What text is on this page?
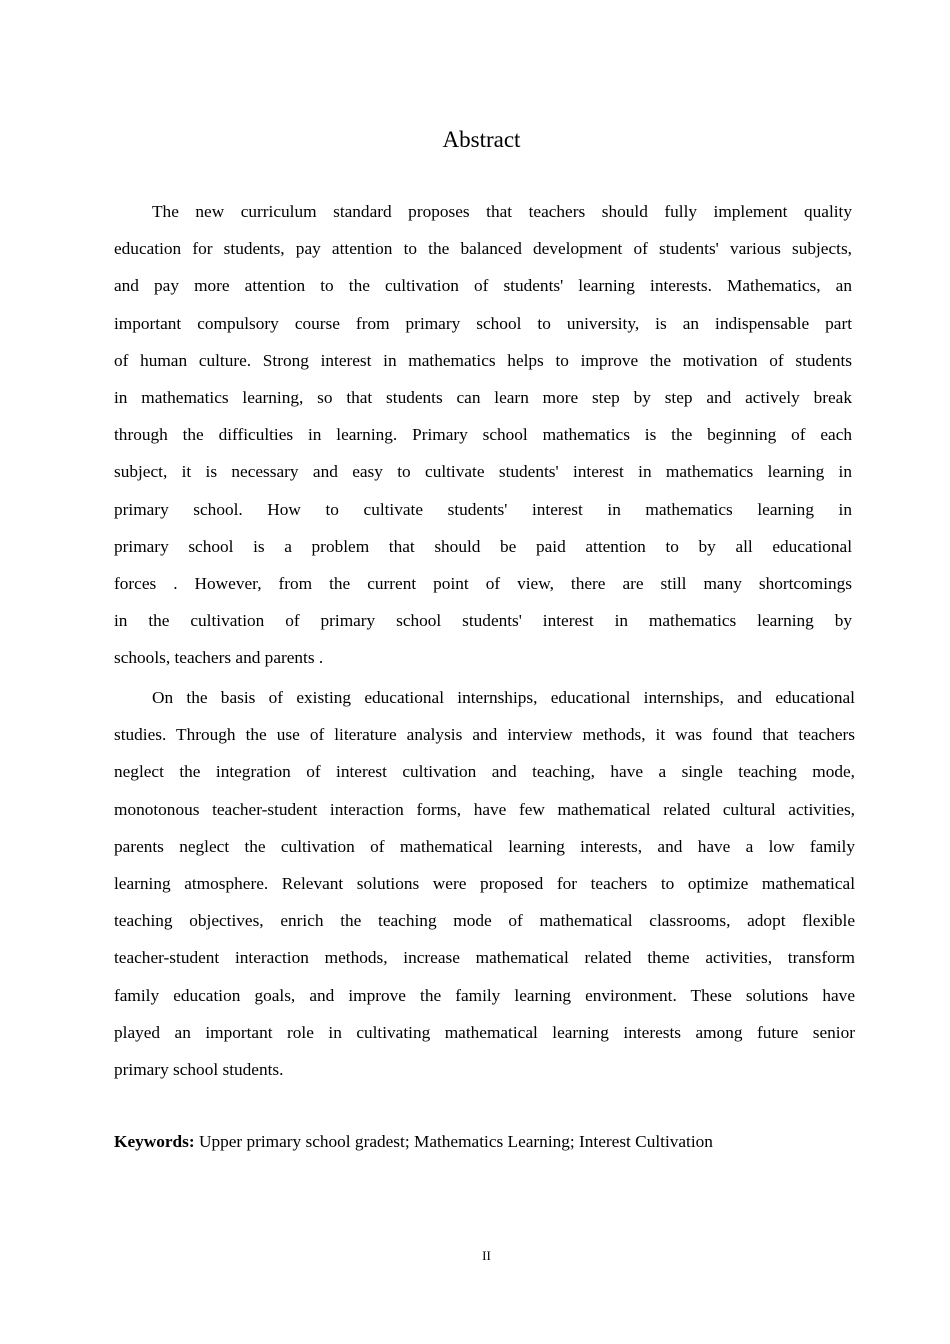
Abstract
The new curriculum standard proposes that teachers should fully implement quality
education for students, pay attention to the balanced development of students' various subjects,
and pay more attention to the cultivation of students' learning interests. Mathematics, an
important compulsory course from primary school to university, is an indispensable part
of human culture. Strong interest in mathematics helps to improve the motivation of students
in mathematics learning, so that students can learn more step by step and actively break
through the difficulties in learning. Primary school mathematics is the beginning of each
subject, it is necessary and easy to cultivate students' interest in mathematics learning in
primary school. How to cultivate students' interest in mathematics learning in
primary school is a problem that should be paid attention to by all educational
forces . However, from the current point of view, there are still many shortcomings
in the cultivation of primary school students' interest in mathematics learning by
schools, teachers and parents .
On the basis of existing educational internships, educational internships, and educational
studies. Through the use of literature analysis and interview methods, it was found that teachers
neglect the integration of interest cultivation and teaching, have a single teaching mode,
monotonous teacher-student interaction forms, have few mathematical related cultural activities,
parents neglect the cultivation of mathematical learning interests, and have a low family
learning atmosphere. Relevant solutions were proposed for teachers to optimize mathematical
teaching objectives, enrich the teaching mode of mathematical classrooms, adopt flexible
teacher-student interaction methods, increase mathematical related theme activities, transform
family education goals, and improve the family learning environment. These solutions have
played an important role in cultivating mathematical learning interests among future senior
primary school students.
Keywords: Upper primary school gradest; Mathematics Learning; Interest Cultivation
II
